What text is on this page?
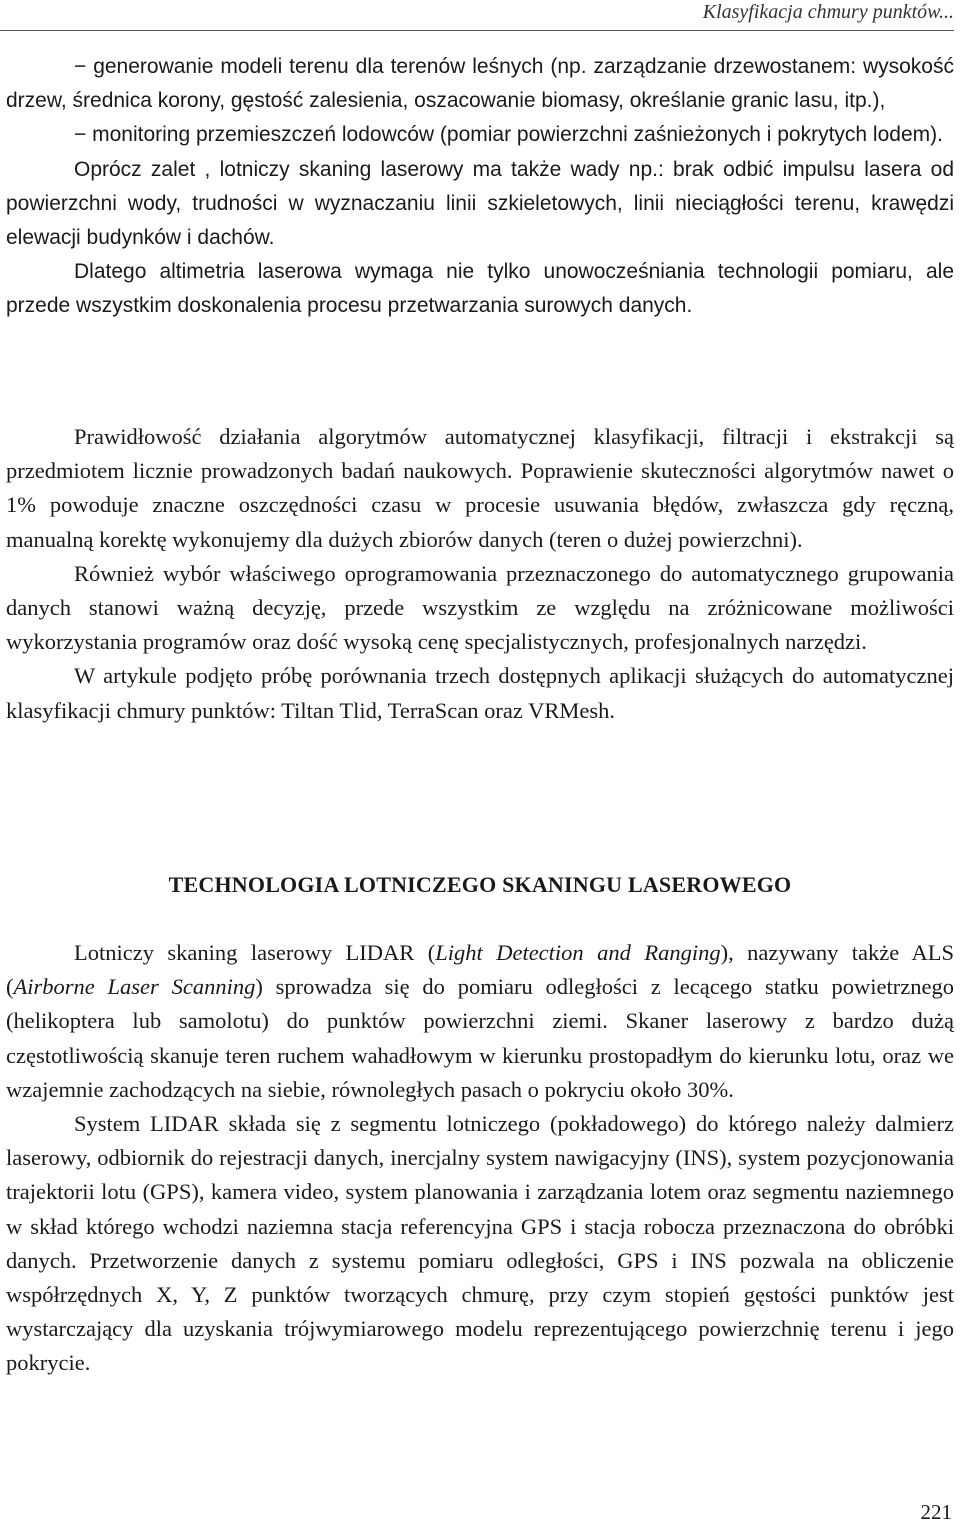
Klasyfikacja chmury punktów...

− generowanie modeli terenu dla terenów leśnych (np. zarządzanie drzewostanem: wysokość drzew, średnica korony, gęstość zalesienia, oszacowanie biomasy, określanie granic lasu, itp.),

− monitoring przemieszczeń lodowców (pomiar powierzchni zaśnieżonych i pokrytych lodem).

Oprócz zalet , lotniczy skaning laserowy ma także wady np.: brak odbić impulsu lasera od powierzchni wody, trudności w wyznaczaniu linii szkieletowych, linii nieciągłości terenu, krawędzi elewacji budynków i dachów.

Dlatego altimetria laserowa wymaga nie tylko unowocześniania technologii pomiaru, ale przede wszystkim doskonalenia procesu przetwarzania surowych danych.

Prawidłowość działania algorytmów automatycznej klasyfikacji, filtracji i ekstrakcji są przedmiotem licznie prowadzonych badań naukowych. Poprawienie skuteczności algorytmów nawet o 1% powoduje znaczne oszczędności czasu w procesie usuwania błędów, zwłaszcza gdy ręczną, manualną korektę wykonujemy dla dużych zbiorów danych (teren o dużej powierzchni).

Również wybór właściwego oprogramowania przeznaczonego do automatycznego grupowania danych stanowi ważną decyzję, przede wszystkim ze względu na zróżnicowane możliwości wykorzystania programów oraz dość wysoką cenę specjalistycznych, profesjonalnych narzędzi.

W artykule podjęto próbę porównania trzech dostępnych aplikacji służących do automatycznej klasyfikacji chmury punktów: Tiltan Tlid, TerraScan oraz VRMesh.

TECHNOLOGIA LOTNICZEGO SKANINGU LASEROWEGO

Lotniczy skaning laserowy LIDAR (Light Detection and Ranging), nazywany także ALS (Airborne Laser Scanning) sprowadza się do pomiaru odległości z lecącego statku powietrznego (helikoptera lub samolotu) do punktów powierzchni ziemi. Skaner laserowy z bardzo dużą częstotliwością skanuje teren ruchem wahadłowym w kierunku prostopadłym do kierunku lotu, oraz we wzajemnie zachodzących na siebie, równoległych pasach o pokryciu około 30%.

System LIDAR składa się z segmentu lotniczego (pokładowego) do którego należy dalmierz laserowy, odbiornik do rejestracji danych, inercjalny system nawigacyjny (INS), system pozycjonowania trajektorii lotu (GPS), kamera video, system planowania i zarządzania lotem oraz segmentu naziemnego w skład którego wchodzi naziemna stacja referencyjna GPS i stacja robocza przeznaczona do obróbki danych. Przetworzenie danych z systemu pomiaru odległości, GPS i INS pozwala na obliczenie współrzędnych X, Y, Z punktów tworzących chmurę, przy czym stopień gęstości punktów jest wystarczający dla uzyskania trójwymiarowego modelu reprezentującego powierzchnię terenu i jego pokrycie.

221
